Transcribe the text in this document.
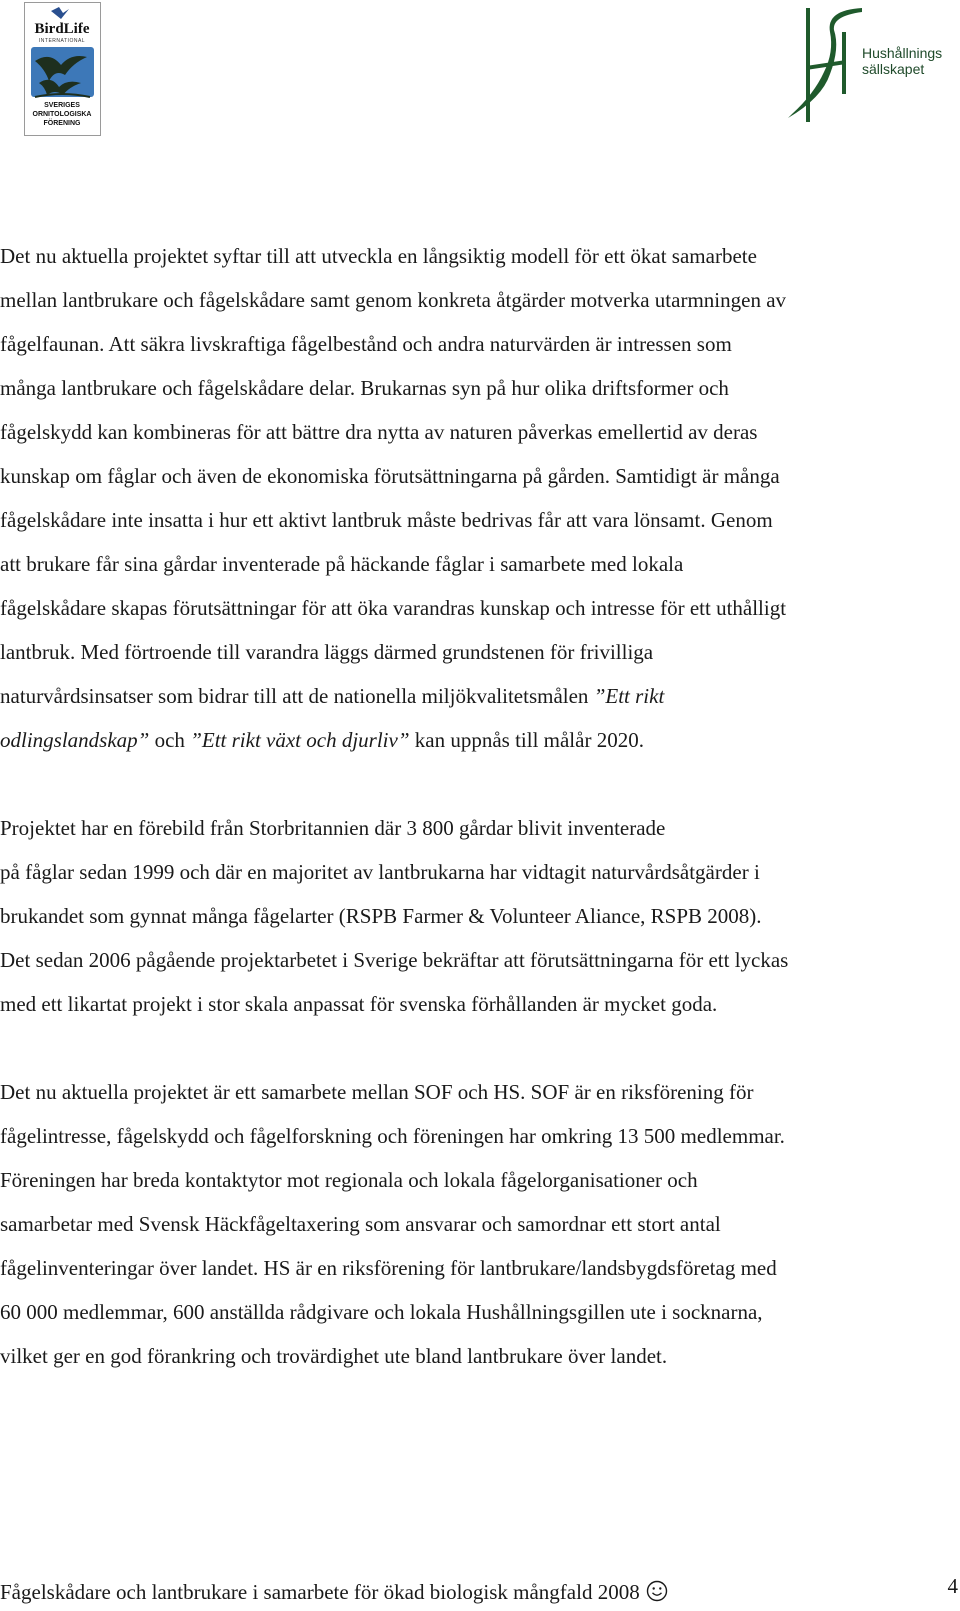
BirdLife
INTERNATIONAL
SVERIGES
ORNITOLOGISKA
FÖRENING
Hushållnings
sällskapet

Det nu aktuella projektet syftar till att utveckla en långsiktig modell för ett ökat samarbete
mellan lantbrukare och fågelskådare samt genom konkreta åtgärder motverka utarmningen av
fågelfaunan. Att säkra livskraftiga fågelbestånd och andra naturvärden är intressen som
många lantbrukare och fågelskådare delar. Brukarnas syn på hur olika driftsformer och
fågelskydd kan kombineras för att bättre dra nytta av naturen påverkas emellertid av deras
kunskap om fåglar och även de ekonomiska förutsättningarna på gården. Samtidigt är många
fågelskådare inte insatta i hur ett aktivt lantbruk måste bedrivas får att vara lönsamt. Genom
att brukare får sina gårdar inventerade på häckande fåglar i samarbete med lokala
fågelskådare skapas förutsättningar för att öka varandras kunskap och intresse för ett uthålligt
lantbruk. Med förtroende till varandra läggs därmed grundstenen för frivilliga
naturvårdsinsatser som bidrar till att de nationella miljökvalitetsmålen ”Ett rikt
odlingslandskap” och ”Ett rikt växt och djurliv” kan uppnås till målår 2020.

Projektet har en förebild från Storbritannien där 3 800 gårdar blivit inventerade
på fåglar sedan 1999 och där en majoritet av lantbrukarna har vidtagit naturvårdsåtgärder i
brukandet som gynnat många fågelarter (RSPB Farmer & Volunteer Aliance, RSPB 2008).
Det sedan 2006 pågående projektarbetet i Sverige bekräftar att förutsättningarna för ett lyckas
med ett likartat projekt i stor skala anpassat för svenska förhållanden är mycket goda.

Det nu aktuella projektet är ett samarbete mellan SOF och HS. SOF är en riksförening för
fågelintresse, fågelskydd och fågelforskning och föreningen har omkring 13 500 medlemmar.
Föreningen har breda kontaktytor mot regionala och lokala fågelorganisationer och
samarbetar med Svensk Häckfågeltaxering som ansvarar och samordnar ett stort antal
fågelinventeringar över landet. HS är en riksförening för lantbrukare/landsbygdsföretag med
60 000 medlemmar, 600 anställda rådgivare och lokala Hushållningsgillen ute i socknarna,
vilket ger en god förankring och trovärdighet ute bland lantbrukare över landet.

Fågelskådare och lantbrukare i samarbete för ökad biologisk mångfald 2008	4
